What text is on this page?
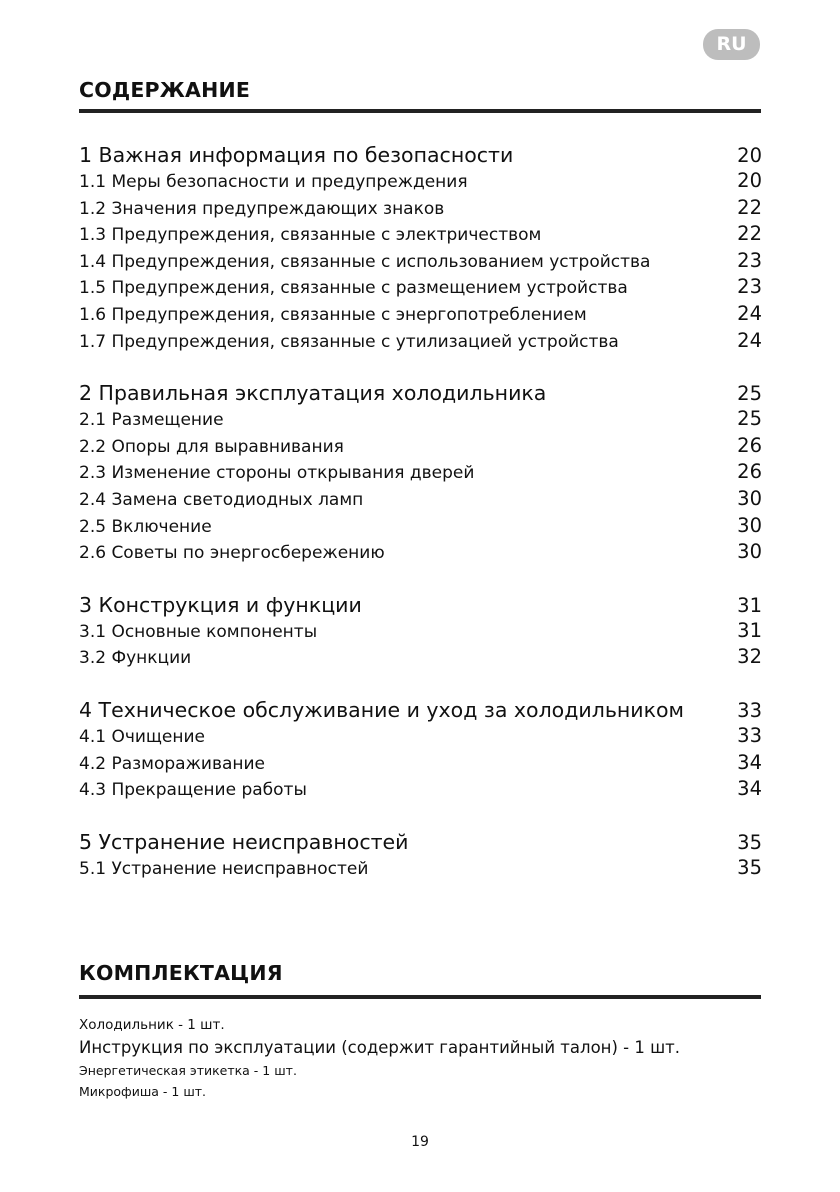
RU
СОДЕРЖАНИЕ
1 Важная информация по безопасности	20
1.1 Меры безопасности и предупреждения	20
1.2 Значения предупреждающих знаков	22
1.3 Предупреждения, связанные с электричеством	22
1.4 Предупреждения, связанные с использованием устройства	23
1.5 Предупреждения, связанные с размещением устройства	23
1.6 Предупреждения, связанные с энергопотреблением	24
1.7 Предупреждения, связанные с утилизацией устройства	24
2 Правильная эксплуатация холодильника	25
2.1 Размещение	25
2.2 Опоры для выравнивания	26
2.3 Изменение стороны открывания дверей	26
2.4 Замена светодиодных ламп	30
2.5 Включение	30
2.6 Советы по энергосбережению	30
3 Конструкция и функции	31
3.1 Основные компоненты	31
3.2 Функции	32
4 Техническое обслуживание и уход за холодильником	33
4.1 Очищение	33
4.2 Размораживание	34
4.3 Прекращение работы	34
5 Устранение неисправностей	35
5.1 Устранение неисправностей	35
КОМПЛЕКТАЦИЯ
Холодильник - 1 шт.
Инструкция по эксплуатации (содержит гарантийный талон) - 1 шт.
Энергетическая этикетка - 1 шт.
Микрофиша - 1 шт.
19
